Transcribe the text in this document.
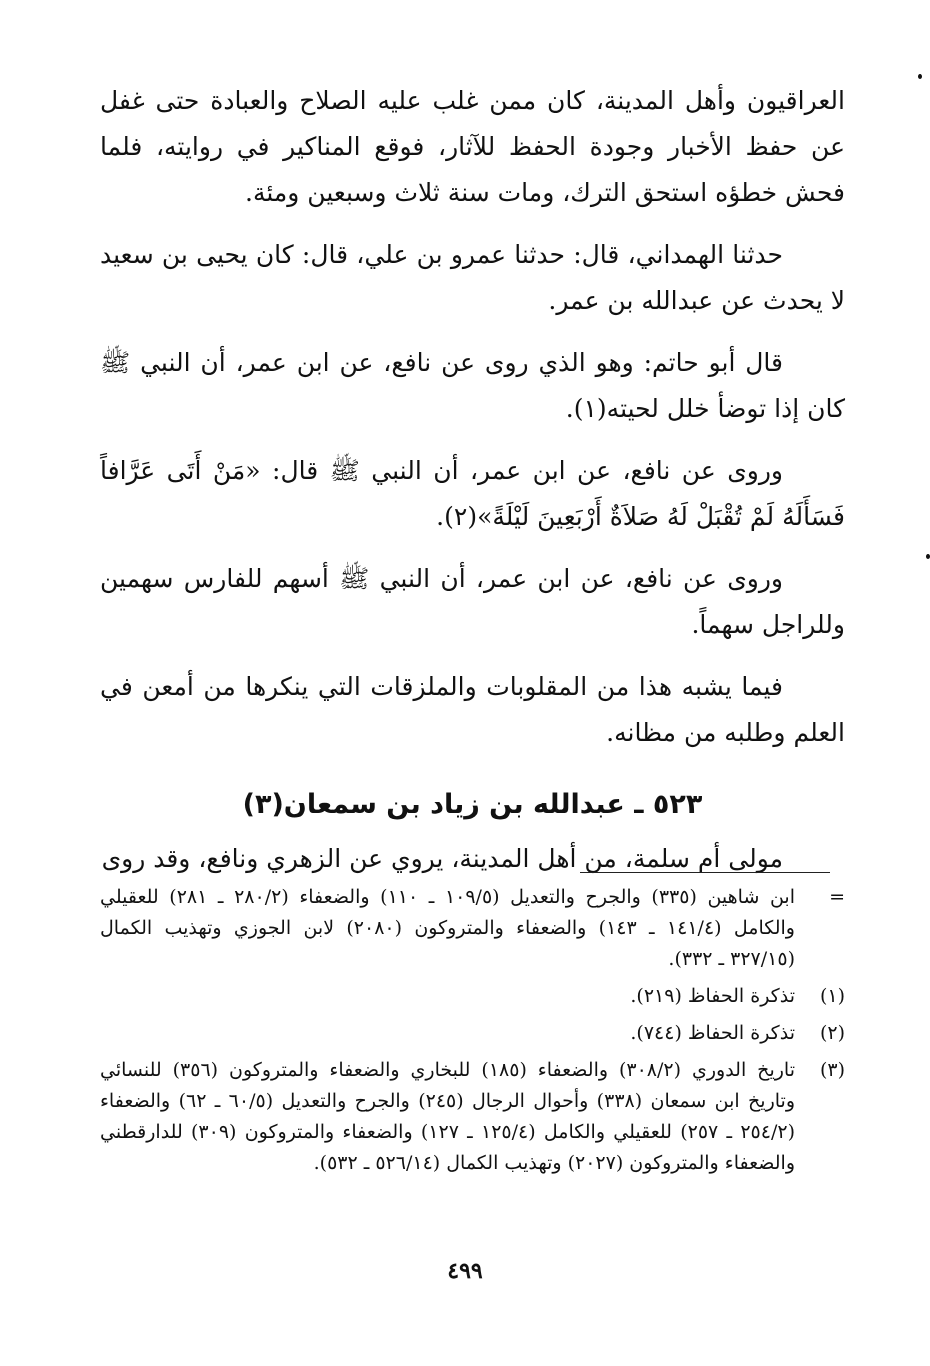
العراقيون وأهل المدينة، كان ممن غلب عليه الصلاح والعبادة حتى غفل عن حفظ الأخبار وجودة الحفظ للآثار، فوقع المناكير في روايته، فلما فحش خطؤه استحق الترك، ومات سنة ثلاث وسبعين ومئة.

حدثنا الهمداني، قال: حدثنا عمرو بن علي، قال: كان يحيى بن سعيد لا يحدث عن عبدالله بن عمر.

قال أبو حاتم: وهو الذي روى عن نافع، عن ابن عمر، أن النبي ﷺ كان إذا توضأ خلل لحيته(١).

وروى عن نافع، عن ابن عمر، أن النبي ﷺ قال: «مَنْ أَتَى عَرَّافاً فَسَأَلَهُ لَمْ تُقْبَلْ لَهُ صَلاَةٌ أَرْبَعِينَ لَيْلَةً»(٢).

وروى عن نافع، عن ابن عمر، أن النبي ﷺ أسهم للفارس سهمين وللراجل سهماً.

فيما يشبه هذا من المقلوبات والملزقات التي ينكرها من أمعن في العلم وطلبه من مظانه.

٥٢٣ ـ عبدالله بن زياد بن سمعان(٣)

مولى أم سلمة، من أهل المدينة، يروي عن الزهري ونافع، وقد روى

=
ابن شاهين (٣٣٥) والجرح والتعديل (١٠٩/٥ ـ ١١٠) والضعفاء (٢٨٠/٢ ـ ٢٨١) للعقيلي والكامل (١٤١/٤ ـ ١٤٣) والضعفاء والمتروكون (٢٠٨٠) لابن الجوزي وتهذيب الكمال (٣٢٧/١٥ ـ ٣٣٢).
(١)
تذكرة الحفاظ (٢١٩).
(٢)
تذكرة الحفاظ (٧٤٤).
(٣)
تاريخ الدوري (٣٠٨/٢) والضعفاء (١٨٥) للبخاري والضعفاء والمتروكون (٣٥٦) للنسائي وتاريخ ابن سمعان (٣٣٨) وأحوال الرجال (٢٤٥) والجرح والتعديل (٦٠/٥ ـ ٦٢) والضعفاء (٢٥٤/٢ ـ ٢٥٧) للعقيلي والكامل (١٢٥/٤ ـ ١٢٧) والضعفاء والمتروكون (٣٠٩) للدارقطني والضعفاء والمتروكون (٢٠٢٧) وتهذيب الكمال (٥٢٦/١٤ ـ ٥٣٢).
٤٩٩
